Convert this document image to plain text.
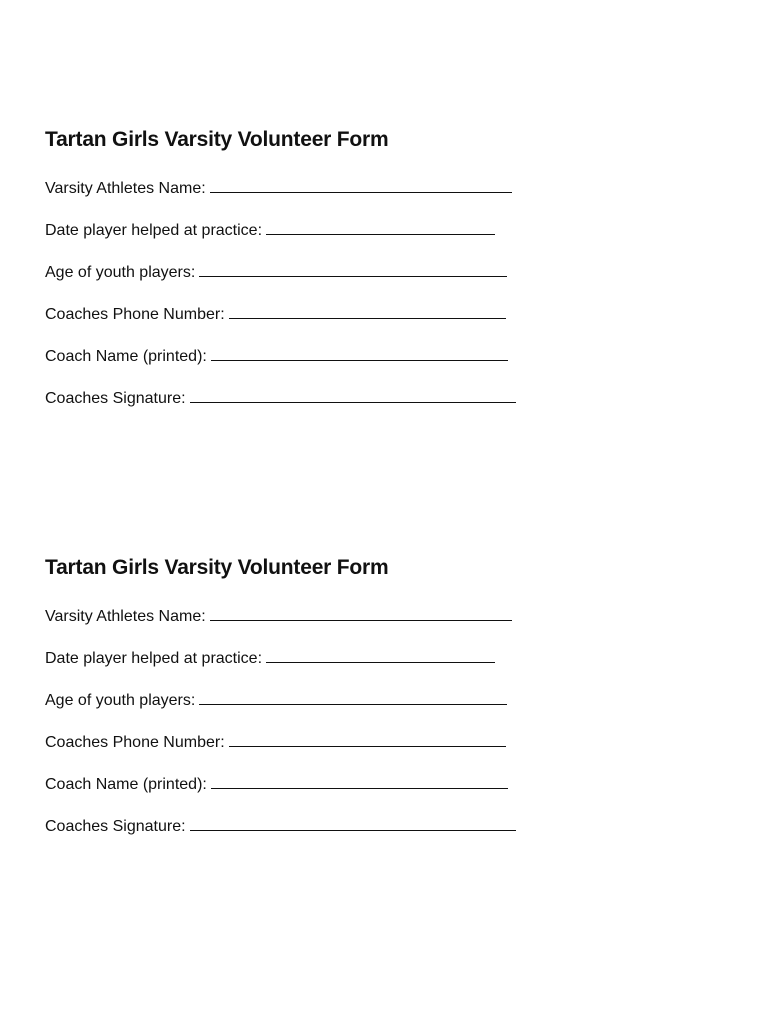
Tartan Girls Varsity Volunteer Form
Varsity Athletes Name:
Date player helped at practice:
Age of youth players:
Coaches Phone Number:
Coach Name (printed):
Coaches Signature:
Tartan Girls Varsity Volunteer Form
Varsity Athletes Name:
Date player helped at practice:
Age of youth players:
Coaches Phone Number:
Coach Name (printed):
Coaches Signature:
